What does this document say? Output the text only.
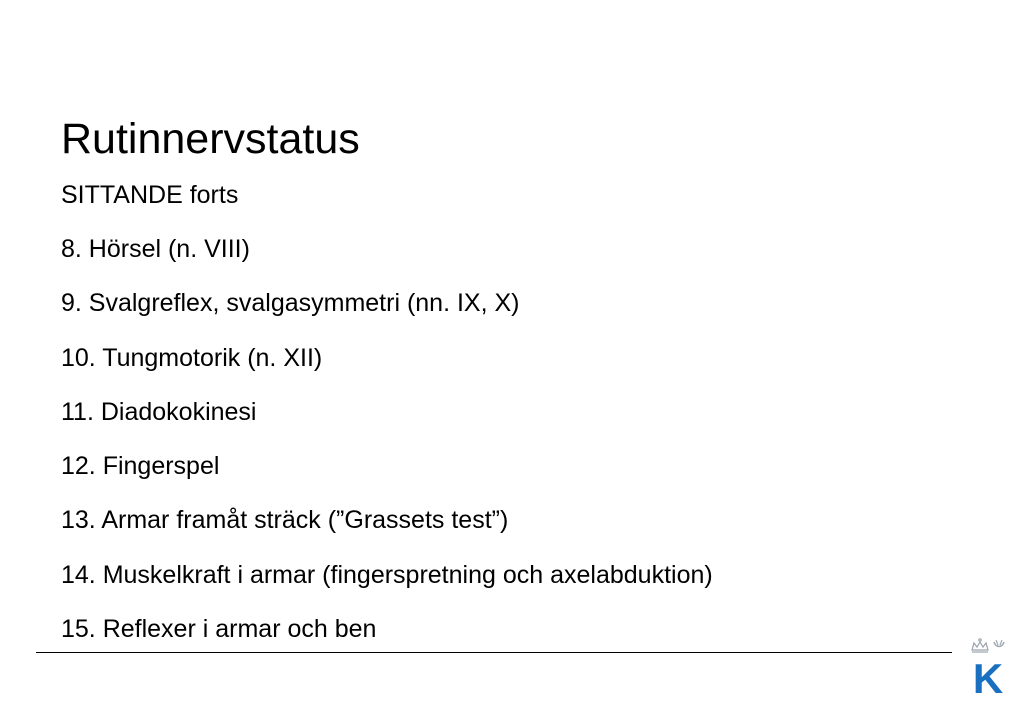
Rutinnervstatus
SITTANDE forts
8. Hörsel (n. VIII)
9. Svalgreflex, svalgasymmetri (nn. IX, X)
10. Tungmotorik (n. XII)
11. Diadokokinesi
12. Fingerspel
13. Armar framåt sträck (”Grassets test”)
14. Muskelkraft i armar (fingerspretning och axelabduktion)
15. Reflexer i armar och ben
K
